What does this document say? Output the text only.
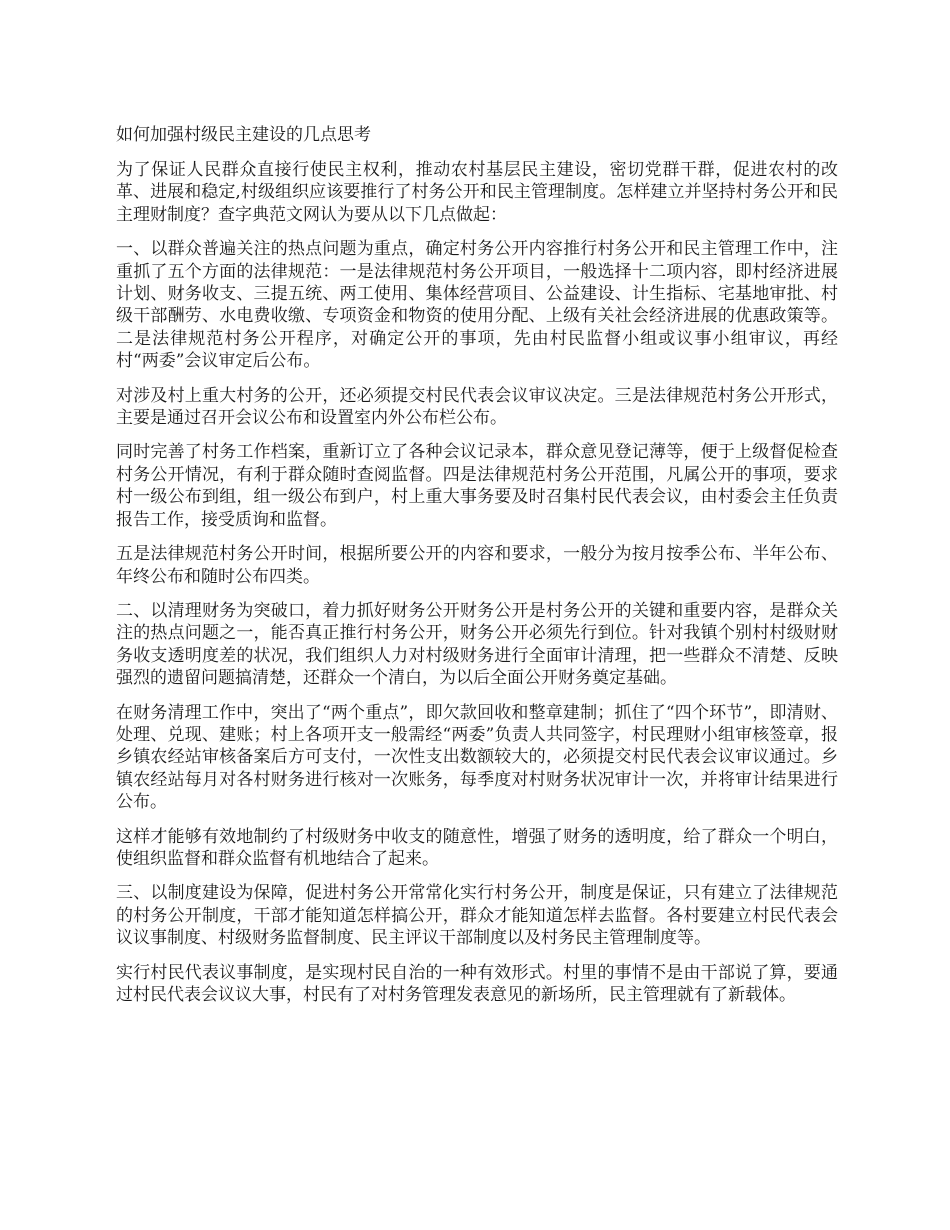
如何加强村级民主建设的几点思考

为了保证人民群众直接行使民主权利，推动农村基层民主建设，密切党群干群，促进农村的改革、进展和稳定,村级组织应该要推行了村务公开和民主管理制度。怎样建立并坚持村务公开和民主理财制度？查字典范文网认为要从以下几点做起：

一、以群众普遍关注的热点问题为重点，确定村务公开内容推行村务公开和民主管理工作中，注重抓了五个方面的法律规范：一是法律规范村务公开项目，一般选择十二项内容，即村经济进展计划、财务收支、三提五统、两工使用、集体经营项目、公益建设、计生指标、宅基地审批、村级干部酬劳、水电费收缴、专项资金和物资的使用分配、上级有关社会经济进展的优惠政策等。二是法律规范村务公开程序，对确定公开的事项，先由村民监督小组或议事小组审议，再经村“两委”会议审定后公布。

对涉及村上重大村务的公开，还必须提交村民代表会议审议决定。三是法律规范村务公开形式，主要是通过召开会议公布和设置室内外公布栏公布。

同时完善了村务工作档案，重新订立了各种会议记录本，群众意见登记薄等，便于上级督促检查村务公开情况，有利于群众随时查阅监督。四是法律规范村务公开范围，凡属公开的事项，要求村一级公布到组，组一级公布到户，村上重大事务要及时召集村民代表会议，由村委会主任负责报告工作，接受质询和监督。

五是法律规范村务公开时间，根据所要公开的内容和要求，一般分为按月按季公布、半年公布、年终公布和随时公布四类。

二、以清理财务为突破口，着力抓好财务公开财务公开是村务公开的关键和重要内容，是群众关注的热点问题之一，能否真正推行村务公开，财务公开必须先行到位。针对我镇个别村村级财财务收支透明度差的状况，我们组织人力对村级财务进行全面审计清理，把一些群众不清楚、反映强烈的遗留问题搞清楚，还群众一个清白，为以后全面公开财务奠定基础。

在财务清理工作中，突出了“两个重点”，即欠款回收和整章建制；抓住了“四个环节”，即清财、处理、兑现、建账；村上各项开支一般需经“两委”负责人共同签字，村民理财小组审核签章，报乡镇农经站审核备案后方可支付，一次性支出数额较大的，必须提交村民代表会议审议通过。乡镇农经站每月对各村财务进行核对一次账务，每季度对村财务状况审计一次，并将审计结果进行公布。

这样才能够有效地制约了村级财务中收支的随意性，增强了财务的透明度，给了群众一个明白，使组织监督和群众监督有机地结合了起来。

三、以制度建设为保障，促进村务公开常常化实行村务公开，制度是保证，只有建立了法律规范的村务公开制度，干部才能知道怎样搞公开，群众才能知道怎样去监督。各村要建立村民代表会议议事制度、村级财务监督制度、民主评议干部制度以及村务民主管理制度等。

实行村民代表议事制度，是实现村民自治的一种有效形式。村里的事情不是由干部说了算，要通过村民代表会议议大事，村民有了对村务管理发表意见的新场所，民主管理就有了新载体。
